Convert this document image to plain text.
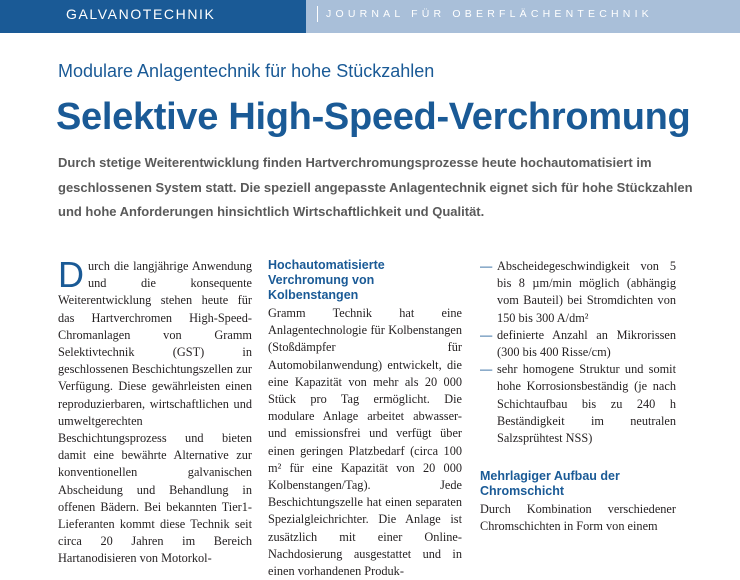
GALVANOTECHNIK	JOURNAL FÜR OBERFLÄCHENTECHNIK
Modulare Anlagentechnik für hohe Stückzahlen
Selektive High-Speed-Verchromung

Durch stetige Weiterentwicklung finden Hartverchromungsprozesse heute hochautomatisiert im geschlossenen System statt. Die speziell angepasste Anlagentechnik eignet sich für hohe Stückzahlen und hohe Anforderungen hinsichtlich Wirtschaftlichkeit und Qualität.

Durch die langjährige Anwendung und die konsequente Weiterentwicklung stehen heute für das Hartverchromen High-Speed-Chromanlagen von Gramm Selektivtechnik (GST) in geschlossenen Beschichtungszellen zur Verfügung. Diese gewährleisten einen reproduzierbaren, wirtschaftlichen und umweltgerechten Beschichtungsprozess und bieten damit eine bewährte Alternative zur konventionellen galvanischen Abscheidung und Behandlung in offenen Bädern. Bei bekannten Tier1-Lieferanten kommt diese Technik seit circa 20 Jahren im Bereich Hartanodisieren von Motorkol-

Hochautomatisierte Verchromung von Kolbenstangen

Gramm Technik hat eine Anlagentechnologie für Kolbenstangen (Stoßdämpfer für Automobilanwendung) entwickelt, die eine Kapazität von mehr als 20 000 Stück pro Tag ermöglicht. Die modulare Anlage arbeitet abwasser- und emissionsfrei und verfügt über einen geringen Platzbedarf (circa 100 m² für eine Kapazität von 20 000 Kolbenstangen/Tag). Jede Beschichtungszelle hat einen separaten Spezialgleichrichter. Die Anlage ist zusätzlich mit einer Online-Nachdosierung ausgestattet und in einen vorhandenen Produk-

— Abscheidegeschwindigkeit von 5 bis 8 µm/min möglich (abhängig vom Bauteil) bei Stromdichten von 150 bis 300 A/dm²
— definierte Anzahl an Mikrorissen (300 bis 400 Risse/cm)
— sehr homogene Struktur und somit hohe Korrosionsbeständig (je nach Schichtaufbau bis zu 240 h Beständigkeit im neutralen Salzsprühtest NSS)
Mehrlagiger Aufbau der Chromschicht

Durch Kombination verschiedener Chromschichten in Form von einem
